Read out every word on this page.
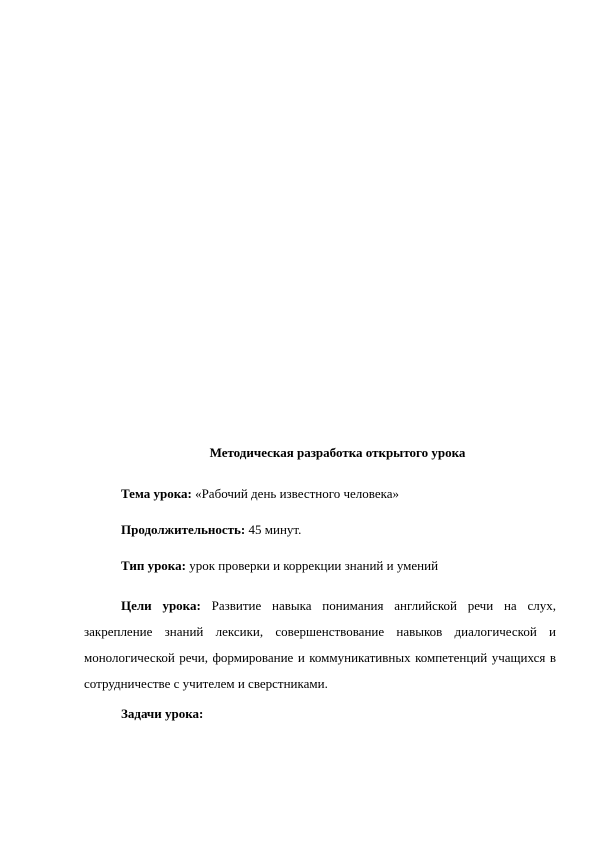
Методическая разработка открытого урока
Тема урока: «Рабочий день известного человека»
Продолжительность: 45 минут.
Тип урока: урок проверки и коррекции знаний и умений
Цели урока: Развитие навыка понимания английской речи на слух, закрепление знаний лексики, совершенствование навыков диалогической и монологической речи, формирование и коммуникативных компетенций учащихся в сотрудничестве с учителем и сверстниками.
Задачи урока:
